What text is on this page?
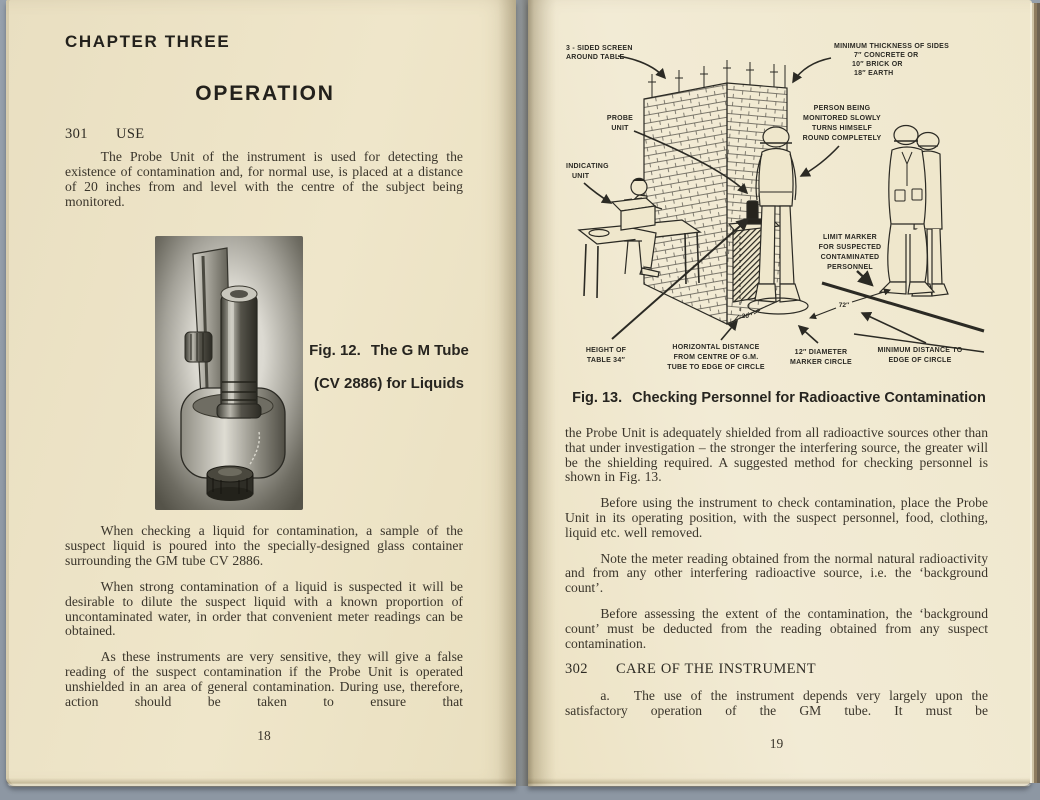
CHAPTER THREE
OPERATION
301 USE

The Probe Unit of the instrument is used for detecting the existence of contamination and, for normal use, is placed at a distance of 20 inches from and level with the centre of the subject being monitored.

Fig. 12. The G M Tube
(CV 2886) for Liquids

When checking a liquid for contamination, a sample of the suspect liquid is poured into the specially-designed glass container surrounding the GM tube CV 2886.

When strong contamination of a liquid is suspected it will be desirable to dilute the suspect liquid with a known proportion of uncontaminated water, in order that convenient meter readings can be obtained.

As these instruments are very sensitive, they will give a false reading of the suspect contamination if the Probe Unit is operated unshielded in an area of general contamination. During use, therefore, action should be taken to ensure that

18
3 - SIDED SCREEN
AROUND TABLE
MINIMUM THICKNESS OF SIDES
7″ CONCRETE OR
10″ BRICK OR
18″ EARTH
PROBE
UNIT
PERSON BEING
MONITORED SLOWLY
TURNS HIMSELF
ROUND COMPLETELY
INDICATING
UNIT
LIMIT MARKER
FOR SUSPECTED
CONTAMINATED
PERSONNEL
HEIGHT OF
TABLE 34″
HORIZONTAL DISTANCE
FROM CENTRE OF G.M.
TUBE TO EDGE OF CIRCLE
12″ DIAMETER
MARKER CIRCLE
MINIMUM DISTANCE TO
EDGE OF CIRCLE
20″
72″
Fig. 13. Checking Personnel for Radioactive Contamination

the Probe Unit is adequately shielded from all radioactive sources other than that under investigation – the stronger the interfering source, the greater will be the shielding required. A suggested method for checking personnel is shown in Fig. 13.

Before using the instrument to check contamination, place the Probe Unit in its operating position, with the suspect personnel, food, clothing, liquid etc. well removed.

Note the meter reading obtained from the normal natural radioactivity and from any other interfering radioactive source, i.e. the ‘background count’.

Before assessing the extent of the contamination, the ‘background count’ must be deducted from the reading obtained from any suspect contamination.

302 CARE OF THE INSTRUMENT

a. The use of the instrument depends very largely upon the satisfactory operation of the GM tube. It must be

19
